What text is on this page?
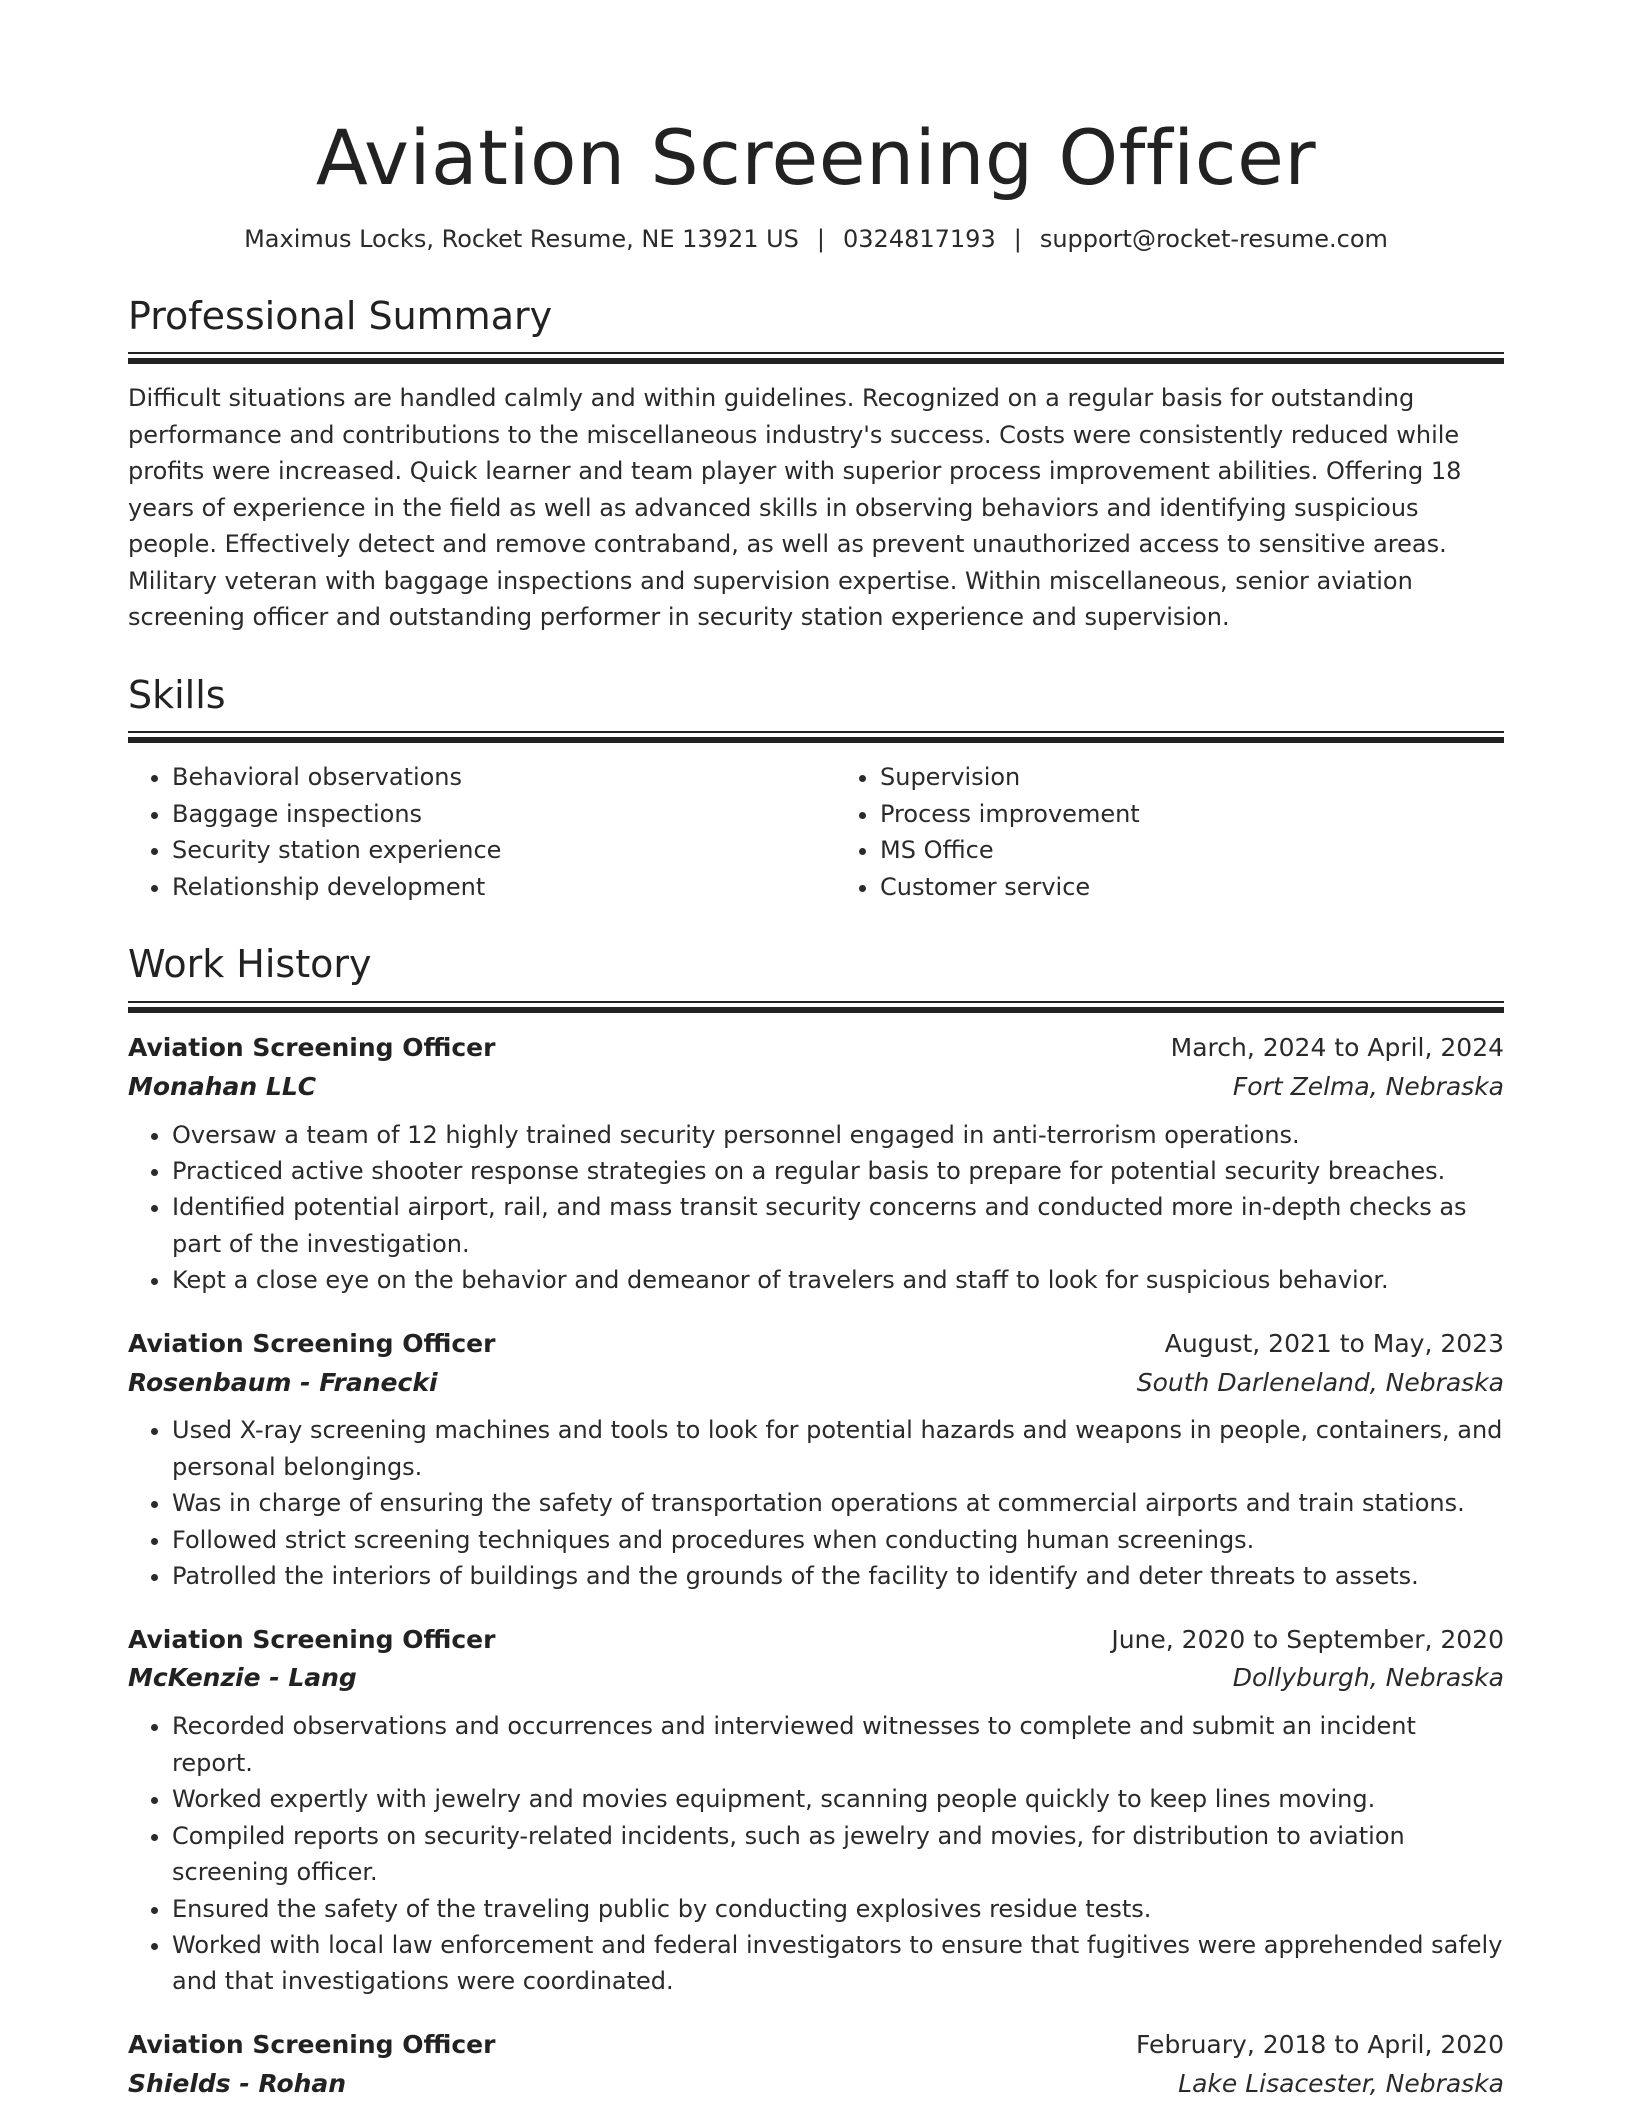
Aviation Screening Officer
Maximus Locks, Rocket Resume, NE 13921 US | 0324817193 | support@rocket-resume.com
Professional Summary

Difficult situations are handled calmly and within guidelines. Recognized on a regular basis for outstanding performance and contributions to the miscellaneous industry's success. Costs were consistently reduced while profits were increased. Quick learner and team player with superior process improvement abilities. Offering 18 years of experience in the field as well as advanced skills in observing behaviors and identifying suspicious people. Effectively detect and remove contraband, as well as prevent unauthorized access to sensitive areas. Military veteran with baggage inspections and supervision expertise. Within miscellaneous, senior aviation screening officer and outstanding performer in security station experience and supervision.

Skills
• Behavioral observations
• Baggage inspections
• Security station experience
• Relationship development
• Supervision
• Process improvement
• MS Office
• Customer service
Work History
Aviation Screening Officer	March, 2024 to April, 2024
Monahan LLC	Fort Zelma, Nebraska
• Oversaw a team of 12 highly trained security personnel engaged in anti-terrorism operations.
• Practiced active shooter response strategies on a regular basis to prepare for potential security breaches.
• Identified potential airport, rail, and mass transit security concerns and conducted more in-depth checks as part of the investigation.
• Kept a close eye on the behavior and demeanor of travelers and staff to look for suspicious behavior.
Aviation Screening Officer	August, 2021 to May, 2023
Rosenbaum - Franecki	South Darleneland, Nebraska
• Used X-ray screening machines and tools to look for potential hazards and weapons in people, containers, and personal belongings.
• Was in charge of ensuring the safety of transportation operations at commercial airports and train stations.
• Followed strict screening techniques and procedures when conducting human screenings.
• Patrolled the interiors of buildings and the grounds of the facility to identify and deter threats to assets.
Aviation Screening Officer	June, 2020 to September, 2020
McKenzie - Lang	Dollyburgh, Nebraska
• Recorded observations and occurrences and interviewed witnesses to complete and submit an incident report.
• Worked expertly with jewelry and movies equipment, scanning people quickly to keep lines moving.
• Compiled reports on security-related incidents, such as jewelry and movies, for distribution to aviation screening officer.
• Ensured the safety of the traveling public by conducting explosives residue tests.
• Worked with local law enforcement and federal investigators to ensure that fugitives were apprehended safely and that investigations were coordinated.
Aviation Screening Officer	February, 2018 to April, 2020
Shields - Rohan	Lake Lisacester, Nebraska
